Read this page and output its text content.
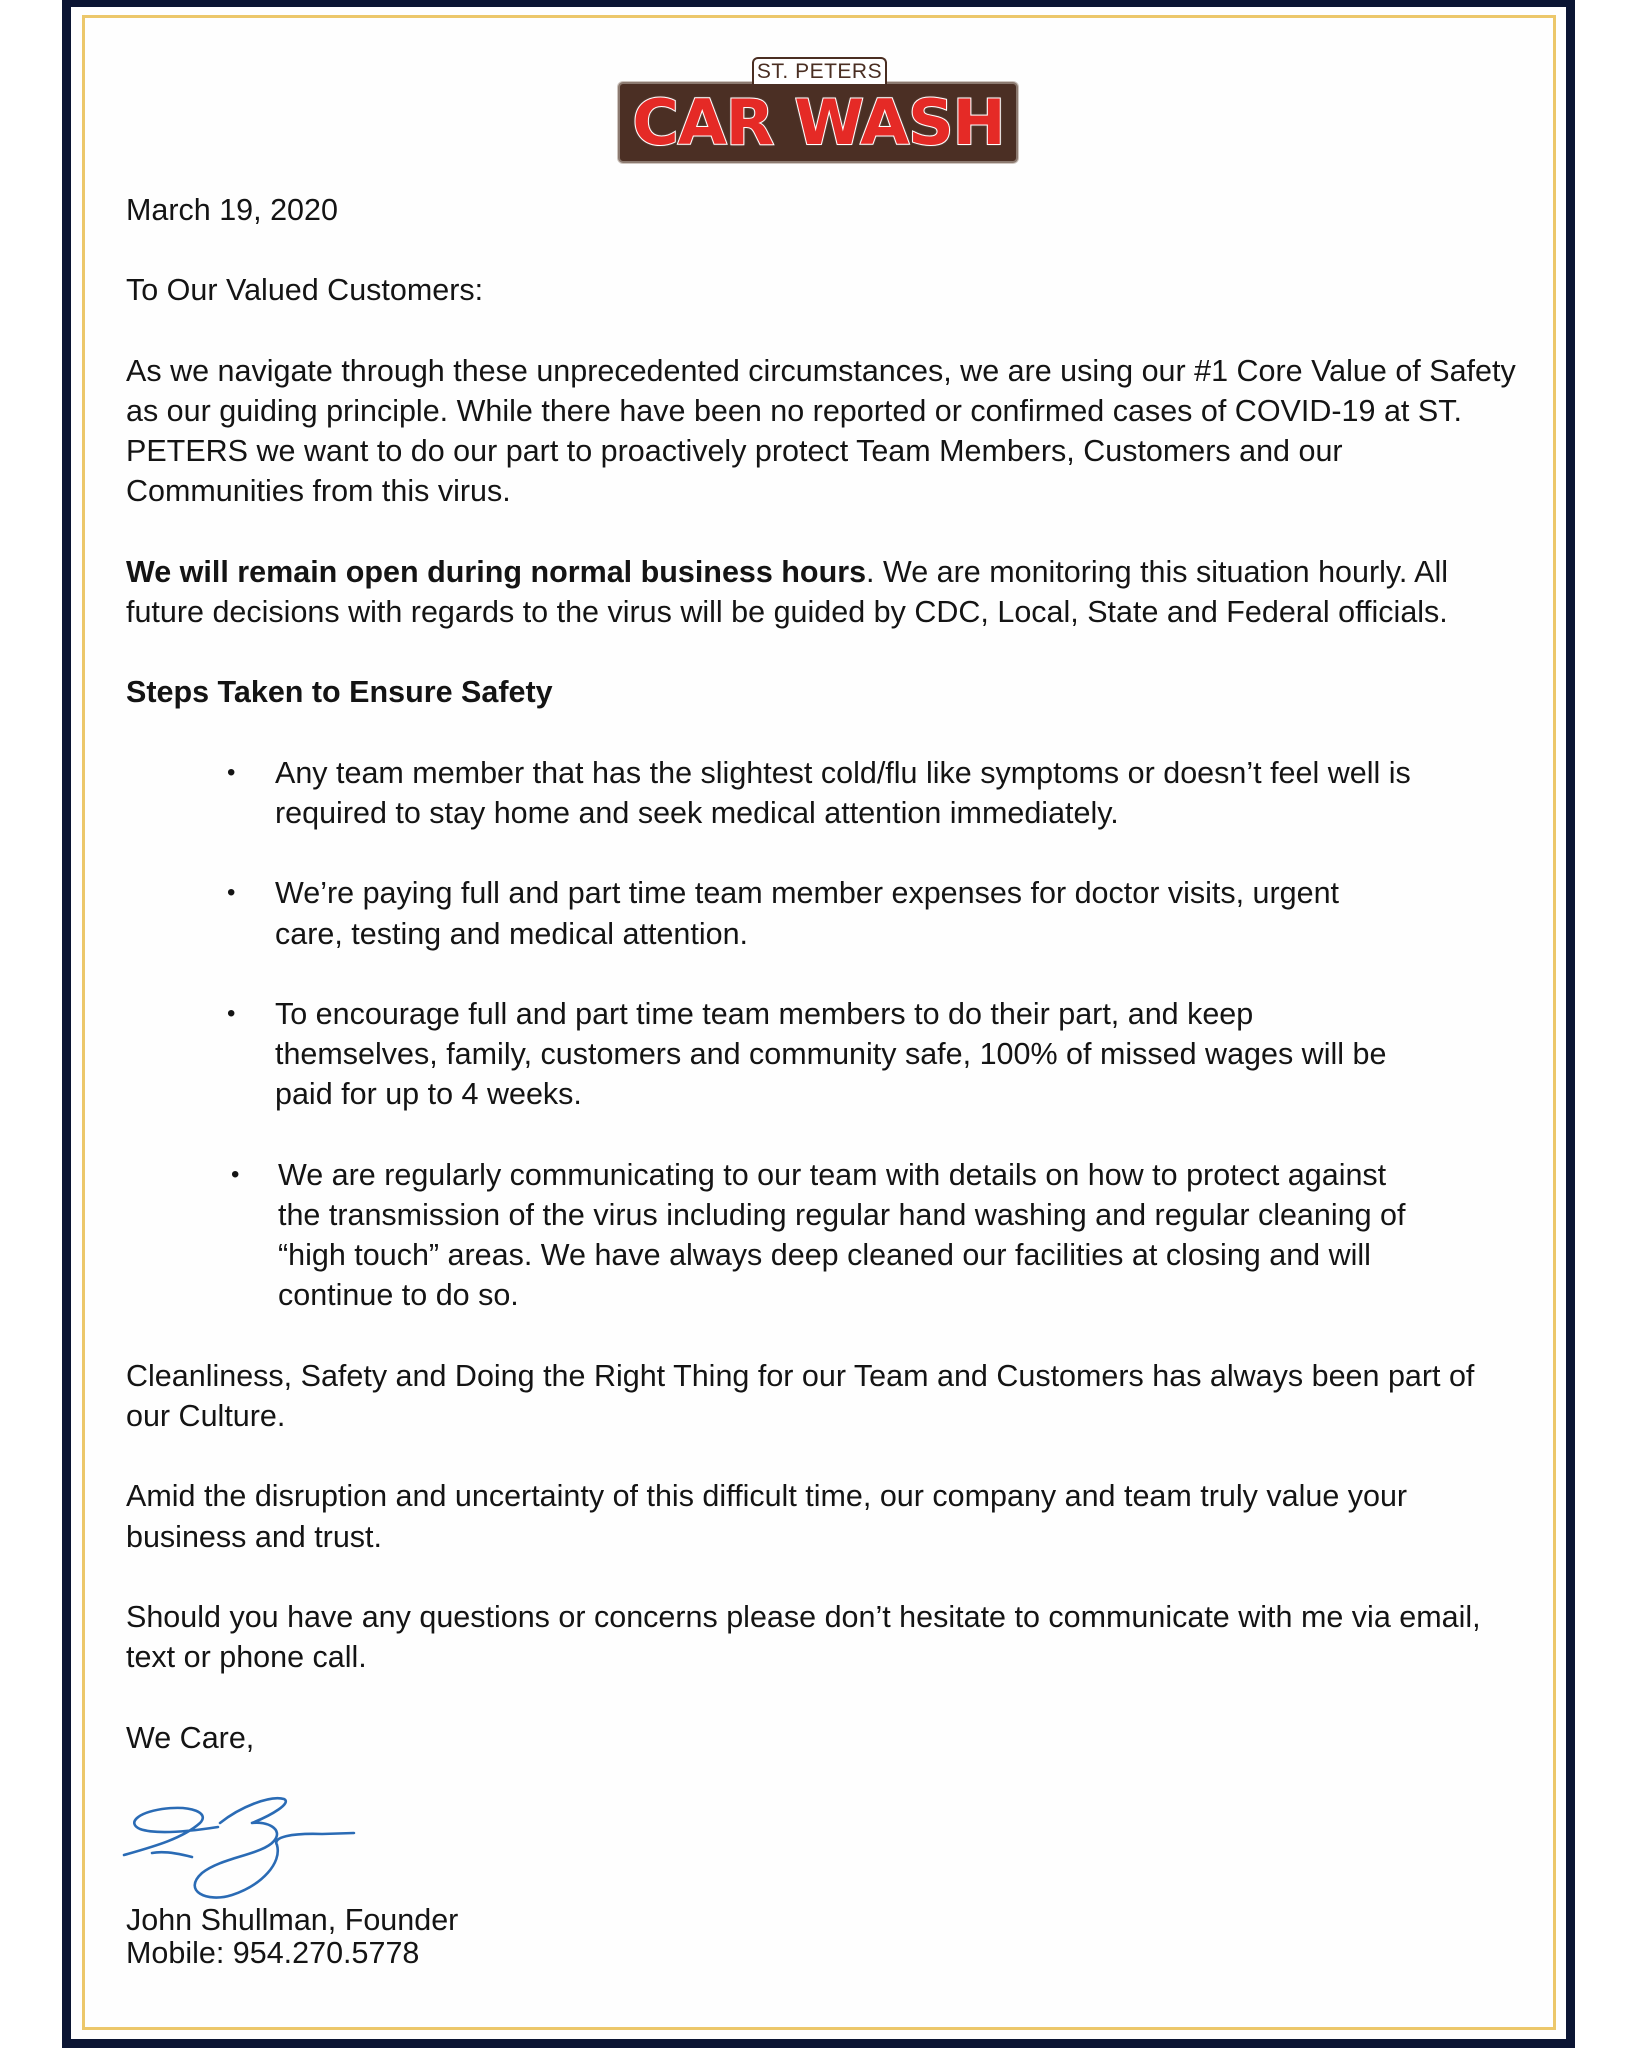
CAR WASH
ST. PETERS

March 19, 2020

To Our Valued Customers:

As we navigate through these unprecedented circumstances, we are using our #1 Core Value of Safety as our guiding principle. While there have been no reported or confirmed cases of COVID-19 at ST. PETERS we want to do our part to proactively protect Team Members, Customers and our Communities from this virus.

We will remain open during normal business hours. We are monitoring this situation hourly. All future decisions with regards to the virus will be guided by CDC, Local, State and Federal officials.

Steps Taken to Ensure Safety

• Any team member that has the slightest cold/flu like symptoms or doesn’t feel well is required to stay home and seek medical attention immediately.
• We’re paying full and part time team member expenses for doctor visits, urgent care, testing and medical attention.
• To encourage full and part time team members to do their part, and keep themselves, family, customers and community safe, 100% of missed wages will be paid for up to 4 weeks.
• We are regularly communicating to our team with details on how to protect against the transmission of the virus including regular hand washing and regular cleaning of “high touch” areas. We have always deep cleaned our facilities at closing and will continue to do so.

Cleanliness, Safety and Doing the Right Thing for our Team and Customers has always been part of our Culture.

Amid the disruption and uncertainty of this difficult time, our company and team truly value your business and trust.

Should you have any questions or concerns please don’t hesitate to communicate with me via email, text or phone call.

We Care,

John Shullman, Founder
Mobile: 954.270.5778
